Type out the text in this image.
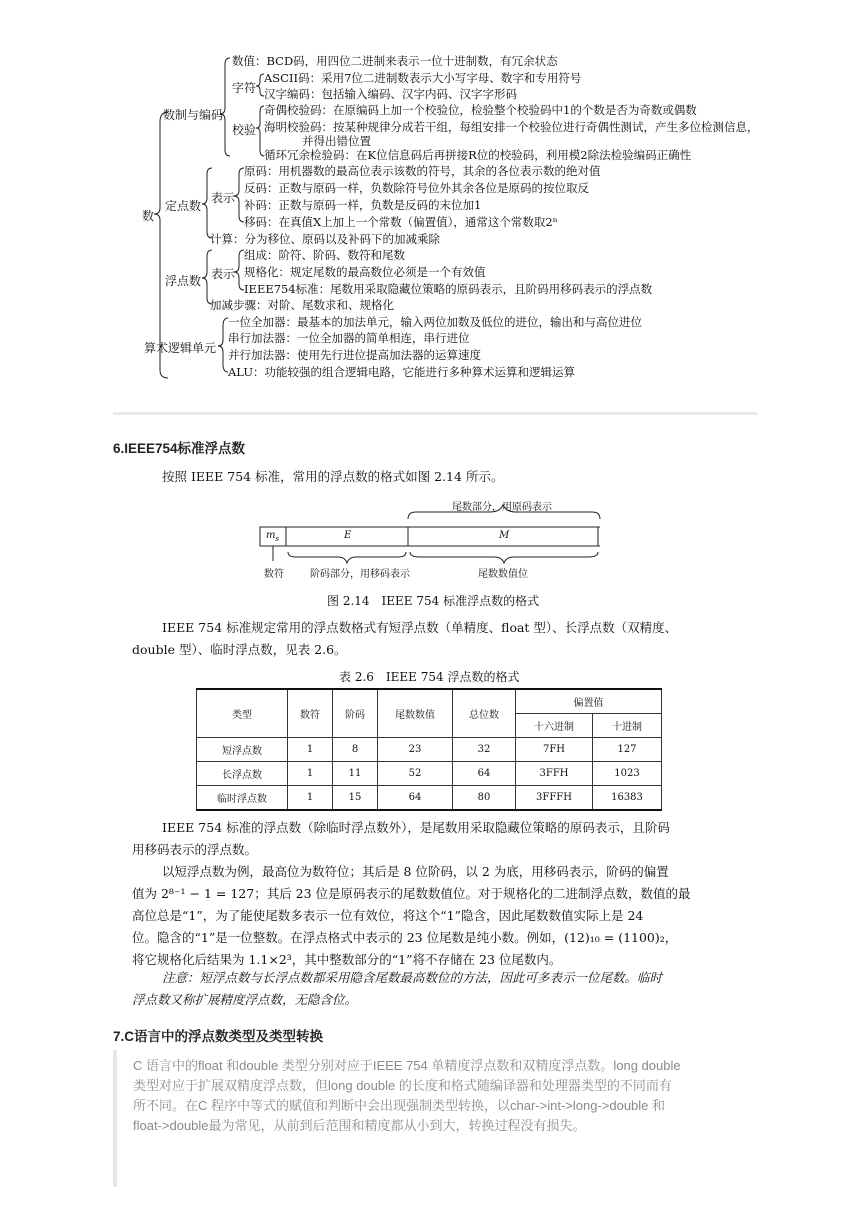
数
数制与编码
定点数
浮点数
算术逻辑单元
字符
校验
表示
表示
数值：BCD码，用四位二进制来表示一位十进制数，有冗余状态
ASCII码：采用7位二进制数表示大小写字母、数字和专用符号
汉字编码：包括输入编码、汉字内码、汉字字形码
奇偶校验码：在原编码上加一个校验位，检验整个校验码中1的个数是否为奇数或偶数
海明校验码：按某种规律分成若干组，每组安排一个校验位进行奇偶性测试，产生多位检测信息，
并得出错位置
循环冗余检验码：在K位信息码后再拼接R位的校验码，利用模2除法检验编码正确性
原码：用机器数的最高位表示该数的符号，其余的各位表示数的绝对值
反码：正数与原码一样，负数除符号位外其余各位是原码的按位取反
补码：正数与原码一样，负数是反码的末位加1
移码：在真值X上加上一个常数（偏置值），通常这个常数取2ⁿ
计算：分为移位、原码以及补码下的加减乘除
组成：阶符、阶码、数符和尾数
规格化：规定尾数的最高数位必须是一个有效值
IEEE754标准：尾数用采取隐藏位策略的原码表示，且阶码用移码表示的浮点数
加减步骤：对阶、尾数求和、规格化
一位全加器：最基本的加法单元，输入两位加数及低位的进位，输出和与高位进位
串行加法器：一位全加器的简单相连，串行进位
并行加法器：使用先行进位提高加法器的运算速度
ALU：功能较强的组合逻辑电路，它能进行多种算术运算和逻辑运算
6.IEEE754标准浮点数
按照 IEEE 754 标准，常用的浮点数的格式如图 2.14 所示。
尾数部分，用原码表示
$m_s$	E	M
数符	阶码部分，用移码表示	尾数数值位
图 2.14　IEEE 754 标准浮点数的格式
IEEE 754 标准规定常用的浮点数格式有短浮点数（单精度、float 型）、长浮点数（双精度、
double 型）、临时浮点数，见表 2.6。
表 2.6　IEEE 754 浮点数的格式
类型	数符	阶码	尾数数值	总位数	偏置值	
					十六进制	十进制
短浮点数	1	8	23	32	7FH	127
长浮点数	1	11	52	64	3FFH	1023
临时浮点数	1	15	64	80	3FFFH	16383
IEEE 754 标准的浮点数（除临时浮点数外），是尾数用采取隐藏位策略的原码表示，且阶码
用移码表示的浮点数。
以短浮点数为例，最高位为数符位；其后是 8 位阶码，以 2 为底，用移码表示，阶码的偏置
值为 2⁸⁻¹ − 1 = 127；其后 23 位是原码表示的尾数数值位。对于规格化的二进制浮点数，数值的最
高位总是“1”，为了能使尾数多表示一位有效位，将这个“1”隐含，因此尾数数值实际上是 24
位。隐含的“1”是一位整数。在浮点格式中表示的 23 位尾数是纯小数。例如，(12)₁₀ = (1100)₂，
将它规格化后结果为 1.1×2³，其中整数部分的“1”将不存储在 23 位尾数内。
注意：短浮点数与长浮点数都采用隐含尾数最高数位的方法，因此可多表示一位尾数。临时
浮点数又称扩展精度浮点数，无隐含位。
7.C语言中的浮点数类型及类型转换
C 语言中的float 和double 类型分别对应于IEEE 754 单精度浮点数和双精度浮点数。long double
类型对应于扩展双精度浮点数，但long double 的长度和格式随编译器和处理器类型的不同而有
所不同。在C 程序中等式的赋值和判断中会出现强制类型转换，以char->int->long->double 和
float->double最为常见，从前到后范围和精度都从小到大，转换过程没有损失。
